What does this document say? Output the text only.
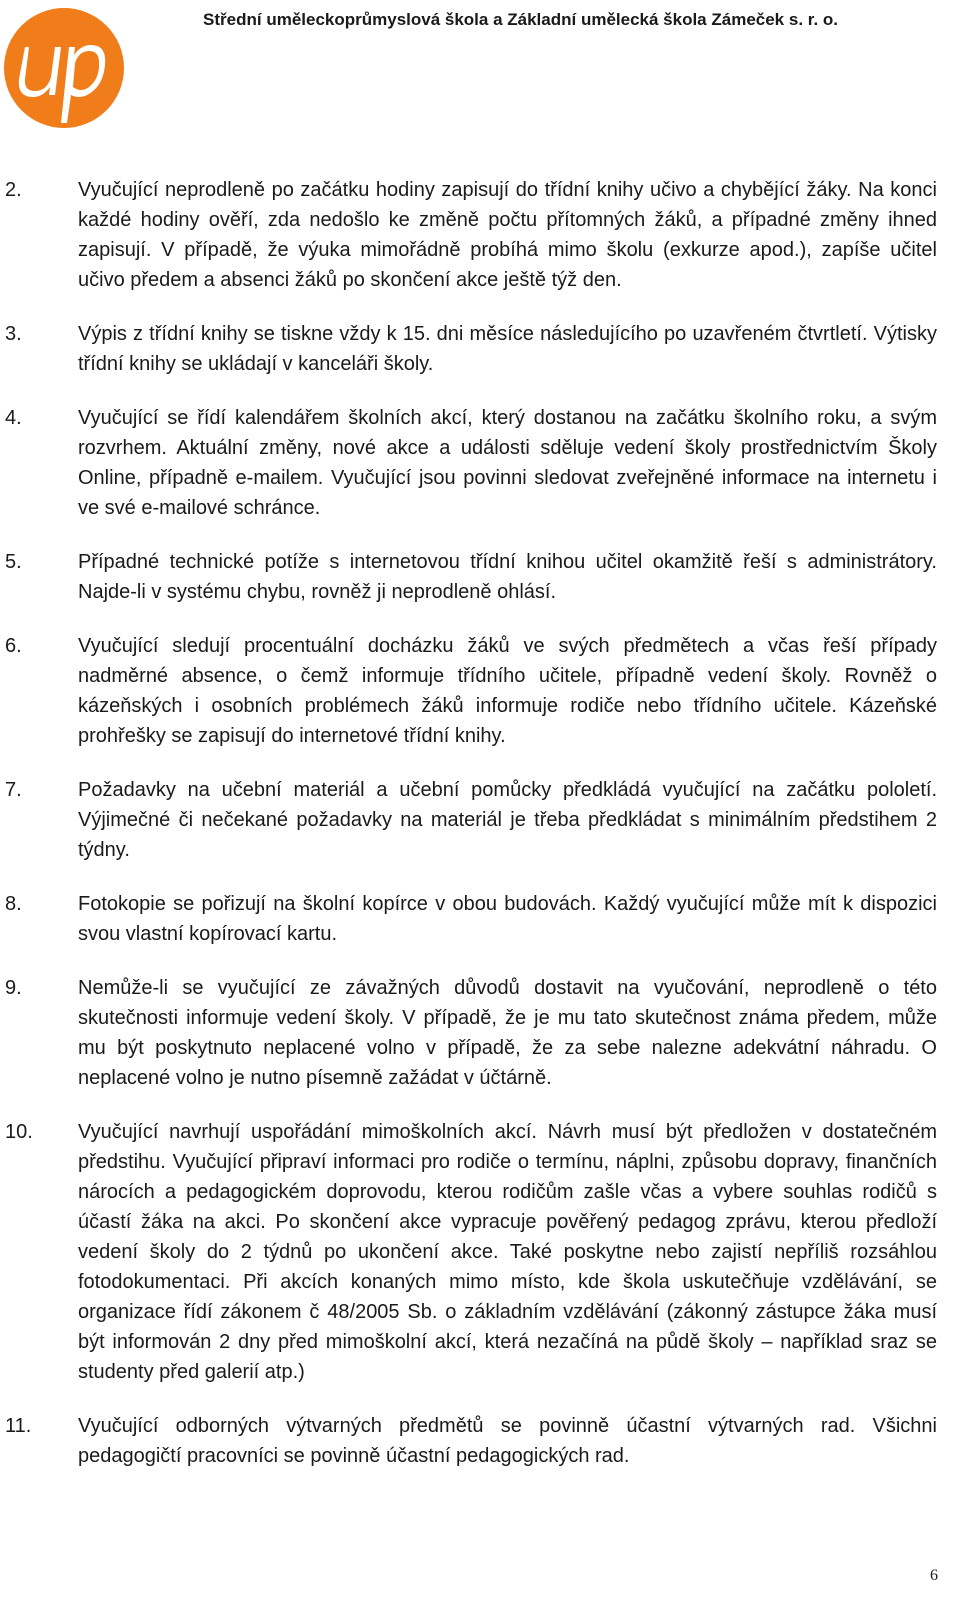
Střední uměleckoprůmyslová škola a Základní umělecká škola Zámeček s. r. o.
2.	Vyučující neprodleně po začátku hodiny zapisují do třídní knihy učivo a chybějící žáky. Na konci každé hodiny ověří, zda nedošlo ke změně počtu přítomných žáků, a případné změny ihned zapisují. V případě, že výuka mimořádně probíhá mimo školu (exkurze apod.), zapíše učitel učivo předem a absenci žáků po skončení akce ještě týž den.
3.	Výpis z třídní knihy se tiskne vždy k 15. dni měsíce následujícího po uzavřeném čtvrtletí. Výtisky třídní knihy se ukládají v kanceláři školy.
4.	Vyučující se řídí kalendářem školních akcí, který dostanou na začátku školního roku, a svým rozvrhem. Aktuální změny, nové akce a události sděluje vedení školy prostřednictvím Školy Online, případně e-mailem. Vyučující jsou povinni sledovat zveřejněné informace na internetu i ve své e-mailové schránce.
5.	Případné technické potíže s internetovou třídní knihou učitel okamžitě řeší s administrátory. Najde-li v systému chybu, rovněž ji neprodleně ohlásí.
6.	Vyučující sledují procentuální docházku žáků ve svých předmětech a včas řeší případy nadměrné absence, o čemž informuje třídního učitele, případně vedení školy. Rovněž o kázeňských i osobních problémech žáků informuje rodiče nebo třídního učitele. Kázeňské prohřešky se zapisují do internetové třídní knihy.
7.	Požadavky na učební materiál a učební pomůcky předkládá vyučující na začátku pololetí. Výjimečné či nečekané požadavky na materiál je třeba předkládat s minimálním předstihem 2 týdny.
8.	Fotokopie se pořizují na školní kopírce v obou budovách. Každý vyučující může mít k dispozici svou vlastní kopírovací kartu.
9.	Nemůže-li se vyučující ze závažných důvodů dostavit na vyučování, neprodleně o této skutečnosti informuje vedení školy. V případě, že je mu tato skutečnost známa předem, může mu být poskytnuto neplacené volno v případě, že za sebe nalezne adekvátní náhradu. O neplacené volno je nutno písemně zažádat v účtárně.
10. Vyučující navrhují uspořádání mimoškolních akcí. Návrh musí být předložen v dostatečném předstihu. Vyučující připraví informaci pro rodiče o termínu, náplni, způsobu dopravy, finančních nárocích a pedagogickém doprovodu, kterou rodičům zašle včas a vybere souhlas rodičů s účastí žáka na akci. Po skončení akce vypracuje pověřený pedagog zprávu, kterou předloží vedení školy do 2 týdnů po ukončení akce. Také poskytne nebo zajistí nepříliš rozsáhlou fotodokumentaci. Při akcích konaných mimo místo, kde škola uskutečňuje vzdělávání, se organizace řídí zákonem č 48/2005 Sb. o základním vzdělávání (zákonný zástupce žáka musí být informován 2 dny před mimoškolní akcí, která nezačíná na půdě školy – například sraz se studenty před galerií atp.)
11. Vyučující odborných výtvarných předmětů se povinně účastní výtvarných rad. Všichni pedagogičtí pracovníci se povinně účastní pedagogických rad.
6
